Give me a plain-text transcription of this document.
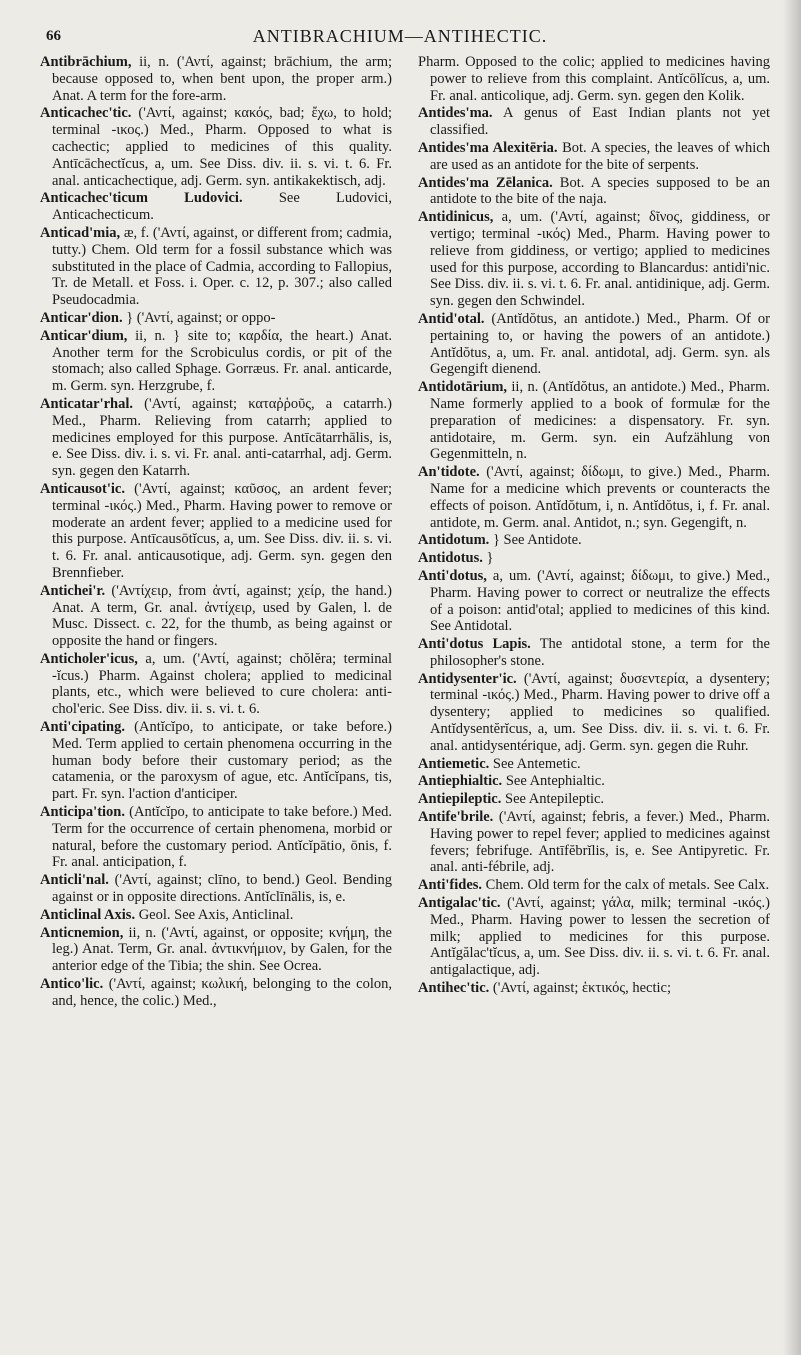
66	ANTIBRACHIUM—ANTIHECTIC.

Antibrāchium, ii, n. ('Αντί, against; brāchium, the arm; because opposed to, when bent upon, the proper arm.) Anat. A term for the fore-arm.

Anticachec'tic. ('Αντί, against; κακός, bad; ἔχω, to hold; terminal -ικος.) Med., Pharm. Opposed to what is cachectic; applied to medicines of this quality. Antīcāchectĭcus, a, um. See Diss. div. ii. s. vi. t. 6. Fr. anal. anticachectique, adj. Germ. syn. antikakektisch, adj.

Anticachec'ticum Ludovici.	See Ludovici, Anticachecticum.

Anticad'mia, æ, f. ('Αντί, against, or different from; cadmia, tutty.) Chem. Old term for a fossil substance which was substituted in the place of Cadmia, according to Fallopius, Tr. de Metall. et Foss. i. Oper. c. 12, p. 307.; also called Pseudocadmia.

Anticar'dion. } ('Αντί, against; or oppo-

Anticar'dium, ii, n. } site to; καρδία, the heart.) Anat. Another term for the Scrobiculus cordis, or pit of the stomach; also called Sphage. Gorræus. Fr. anal. anticarde, m. Germ. syn. Herzgrube, f.

Anticatar'rhal. ('Αντί, against; καταῤῥοῦς, a catarrh.) Med., Pharm. Relieving from catarrh; applied to medicines employed for this purpose. Antīcātarrhālis, is, e. See Diss. div. i. s. vi. Fr. anal. anti-catarrhal, adj. Germ. syn. gegen den Katarrh.

Anticausot'ic. ('Αντί, against; καῦσος, an ardent fever; terminal -ικός.) Med., Pharm. Having power to remove or moderate an ardent fever; applied to a medicine used for this purpose. Antīcausōtĭcus, a, um. See Diss. div. ii. s. vi. t. 6. Fr. anal. anticausotique, adj. Germ. syn. gegen den Brennfieber.

Antichei'r. ('Αντίχειρ, from ἀντί, against; χείρ, the hand.) Anat. A term, Gr. anal. ἀντίχειρ, used by Galen, l. de Musc. Dissect. c. 22, for the thumb, as being against or opposite the hand or fingers.

Anticholer'icus, a, um. ('Αντί, against; chŏlĕra; terminal -ĭcus.) Pharm. Against cholera; applied to medicinal plants, etc., which were believed to cure cholera: anti-chol'eric. See Diss. div. ii. s. vi. t. 6.

Anti'cipating. (Antĭcĭpo, to anticipate, or take before.) Med. Term applied to certain phenomena occurring in the human body before their customary period; as the catamenia, or the paroxysm of ague, etc. Antĭcĭpans, tis, part. Fr. syn. l'action d'anticiper.

Anticipa'tion. (Antĭcĭpo, to anticipate to take before.) Med. Term for the occurrence of certain phenomena, morbid or natural, before the customary period. Antĭcĭpātio, ōnis, f. Fr. anal. anticipation, f.

Anticli'nal. ('Αντί, against; clīno, to bend.) Geol. Bending against or in opposite directions. Antĭclīnālis, is, e.

Anticlinal Axis. Geol. See Axis, Anticlinal.

Anticnemion, ii, n. ('Αντί, against, or opposite; κνήμη, the leg.) Anat. Term, Gr. anal. ἀντικνήμιον, by Galen, for the anterior edge of the Tibia; the shin. See Ocrea.

Antico'lic. ('Αντί, against; κωλική, belonging to the colon, and, hence, the colic.) Med.,

Pharm. Opposed to the colic; applied to medicines having power to relieve from this complaint. Antĭcōlĭcus, a, um. Fr. anal. anticolique, adj. Germ. syn. gegen den Kolik.

Antides'ma. A genus of East Indian plants not yet classified.

Antides'ma Alexitēria. Bot. A species, the leaves of which are used as an antidote for the bite of serpents.

Antides'ma Zēlanica. Bot. A species supposed to be an antidote to the bite of the naja.

Antidinicus, a, um. ('Αντί, against; δῖνος, giddiness, or vertigo; terminal -ικός) Med., Pharm. Having power to relieve from giddiness, or vertigo; applied to medicines used for this purpose, according to Blancardus: antidi'nic. See Diss. div. ii. s. vi. t. 6. Fr. anal. antidinique, adj. Germ. syn. gegen den Schwindel.

Antid'otal. (Antĭdŏtus, an antidote.) Med., Pharm. Of or pertaining to, or having the powers of an antidote.) Antĭdŏtus, a, um. Fr. anal. antidotal, adj. Germ. syn. als Gegengift dienend.

Antidotārium, ii, n. (Antĭdŏtus, an antidote.) Med., Pharm. Name formerly applied to a book of formulæ for the preparation of medicines: a dispensatory. Fr. syn. antidotaire, m. Germ. syn. ein Aufzählung von Gegenmitteln, n.

An'tidote. ('Αντί, against; δίδωμι, to give.) Med., Pharm. Name for a medicine which prevents or counteracts the effects of poison. Antĭdŏtum, i, n. Antĭdŏtus, i, f. Fr. anal. antidote, m. Germ. anal. Antidot, n.; syn. Gegengift, n.

Antidotum. } See Antidote.

Antidotus. }

Anti'dotus, a, um. ('Αντί, against; δίδωμι, to give.) Med., Pharm. Having power to correct or neutralize the effects of a poison: antid'otal; applied to medicines of this kind. See Antidotal.

Anti'dotus Lapis. The antidotal stone, a term for the philosopher's stone.

Antidysenter'ic. ('Αντί, against; δυσεντερία, a dysentery; terminal -ικός.) Med., Pharm. Having power to drive off a dysentery; applied to medicines so qualified. Antĭdysentĕrĭcus, a, um. See Diss. div. ii. s. vi. t. 6. Fr. anal. antidysentérique, adj. Germ. syn. gegen die Ruhr.

Antiemetic. See Antemetic.

Antiephialtic. See Antephialtic.

Antiepileptic. See Antepileptic.

Antife'brile. ('Αντί, against; febris, a fever.) Med., Pharm. Having power to repel fever; applied to medicines against fevers; febrifuge. Antīfĕbrĭlis, is, e. See Antipyretic. Fr. anal. anti-fébrile, adj.

Anti'fides. Chem. Old term for the calx of metals. See Calx.

Antigalac'tic. ('Αντί, against; γάλα, milk; terminal -ικός.) Med., Pharm. Having power to lessen the secretion of milk; applied to medicines for this purpose. Antĭgălac'tĭcus, a, um. See Diss. div. ii. s. vi. t. 6. Fr. anal. antigalactique, adj.

Antihec'tic. ('Αντί, against; ἑκτικός, hectic;
